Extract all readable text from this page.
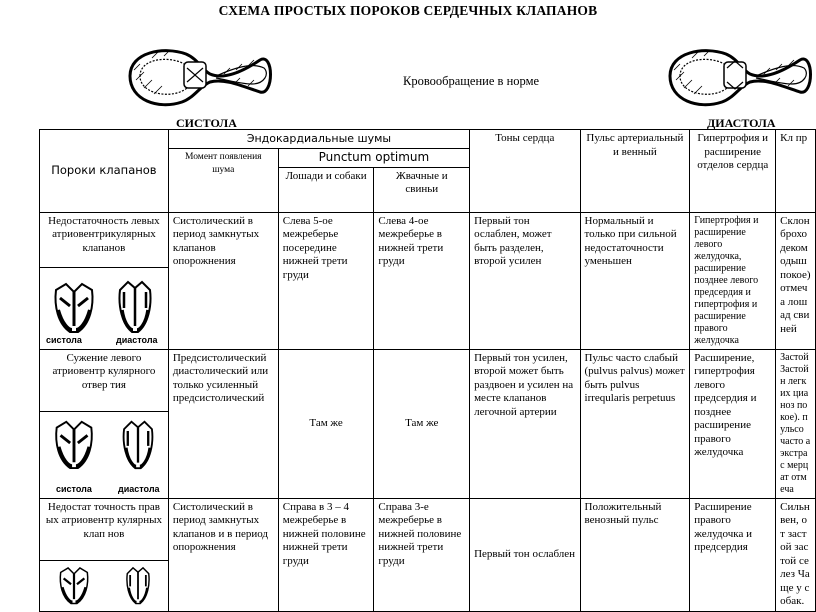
СХЕМА ПРОСТЫХ ПОРОКОВ СЕРДЕЧНЫХ КЛАПАНОВ
Кровообращение в норме
СИСТОЛА	ДИАСТОЛА
Пороки клапанов	Эндокардиальные шумы			Тоны сердца	Пульс артериальный и венный	Гипертрофия и расширение отделов сердца	Кл пр
	Момент появления шума	Punctum optimum					
		Лошади и собаки	Жвачные и свиньи				
Недостаточность левых атриовентрикулярных клапанов	Систолический в период замкнутых клапанов опорожнения	Слева 5-ое межреберье посередине нижней трети груди	Слева 4-ое межреберье в нижней трети груди	Первый тон ослаблен, может быть разделен, второй усилен	Нормальный и только при сильной недостаточности уменьшен	Гипертрофия и расширение левого желудочка, расширение позднее левого предсердия и гипертрофия и расширение правого желудочка	Склон брохо деком одыш покое) отмеча лошад свиней

систола диастола							

Сужение левого атриовентр кулярного отвер тия	Предсистолический диастолический или только усиленный предсистолический	Там же	Там же	Первый тон усилен, второй может быть раздвоен и усилен на месте клапанов легочной артерии	Пульс часто слабый (pulvus palvus) может быть pulvus irreqularis perpetuus	Расширение, гипертрофия левого предсердия и позднее расширение правого желудочка	Застой Застойн легких цианоз покое). пульсо часто а экстрас мерцат отмеча

систола диастола							

Недостат точность прав ых атриовентр кулярных клап нов	Систолический в период замкнутых клапанов и в период опорожнения	Справа в 3 – 4 межреберье в нижней половине нижней трети груди	Справа 3-е межреберье в нижней половине нижней трети груди	Первый тон ослаблен	Положительный венозный пульс	Расширение правого желудочка и предсердия	Сильн вен, от застой застой селез Чаще у собак.
